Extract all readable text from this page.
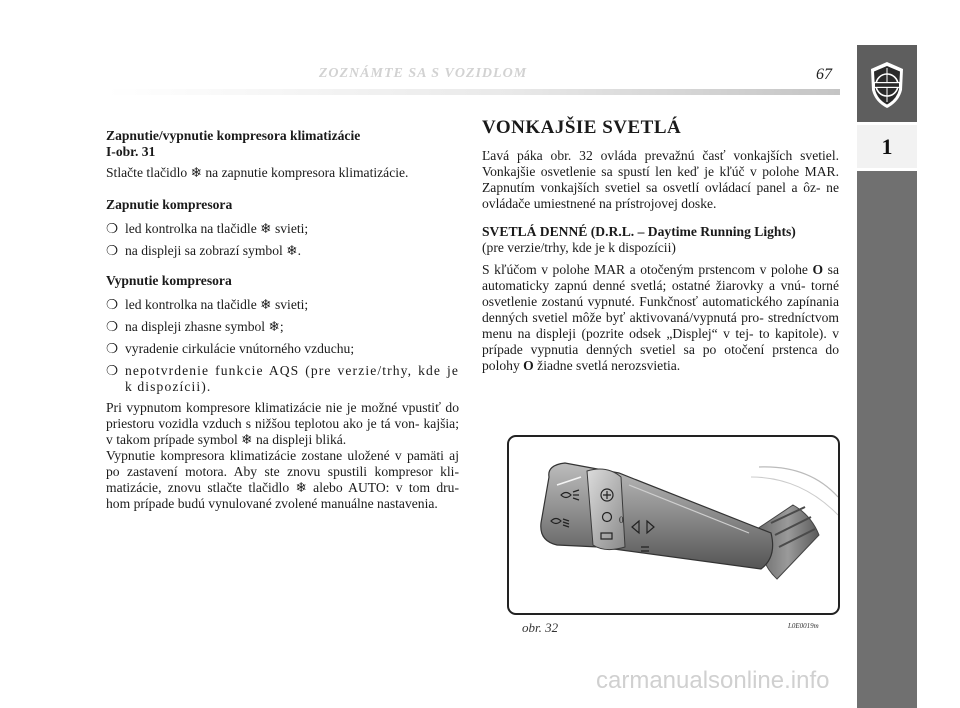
ZOZNÁMTE SA S VOZIDLOM	67
1

Zapnutie/vypnutie kompresora klimatizácie
I-obr. 31

Stlačte tlačidlo ❄ na zapnutie kompresora klimatizácie.

Zapnutie kompresora

❍ led kontrolka na tlačidle ❄ svieti;
❍ na displeji sa zobrazí symbol ❄.

Vypnutie kompresora

❍ led kontrolka na tlačidle ❄ svieti;
❍ na displeji zhasne symbol ❄;
❍ vyradenie cirkulácie vnútorného vzduchu;
❍ nepotvrdenie funkcie AQS (pre verzie/trhy, kde je k dispozícii).

Pri vypnutom kompresore klimatizácie nie je možné vpustiť do priestoru vozidla vzduch s nižšou teplotou ako je tá von- kajšia; v takom prípade symbol ❄ na displeji bliká.

Vypnutie kompresora klimatizácie zostane uložené v pamäti aj po zastavení motora. Aby ste znovu spustili kompresor kli- matizácie, znovu stlačte tlačidlo ❄ alebo AUTO: v tom dru- hom prípade budú vynulované zvolené manuálne nastavenia.

VONKAJŠIE SVETLÁ

Ľavá páka obr. 32 ovláda prevažnú časť vonkajších svetiel. Vonkajšie osvetlenie sa spustí len keď je kľúč v polohe MAR. Zapnutím vonkajších svetiel sa osvetlí ovládací panel a ôz- ne ovládače umiestnené na prístrojovej doske.

SVETLÁ DENNÉ (D.R.L. – Daytime Running Lights)

(pre verzie/trhy, kde je k dispozícii)

S kľúčom v polohe MAR a otočeným prstencom v polohe O sa automaticky zapnú denné svetlá; ostatné žiarovky a vnú- torné osvetlenie zostanú vypnuté. Funkčnosť automatického zapínania denných svetiel môže byť aktivovaná/vypnutá pro- stredníctvom menu na displeji (pozrite odsek „Displej“ v tej- to kapitole). v prípade vypnutia denných svetiel sa po otočení prstenca do polohy O žiadne svetlá nerozsvietia.

0
obr. 32	L0E0019m
carmanualsonline.info
